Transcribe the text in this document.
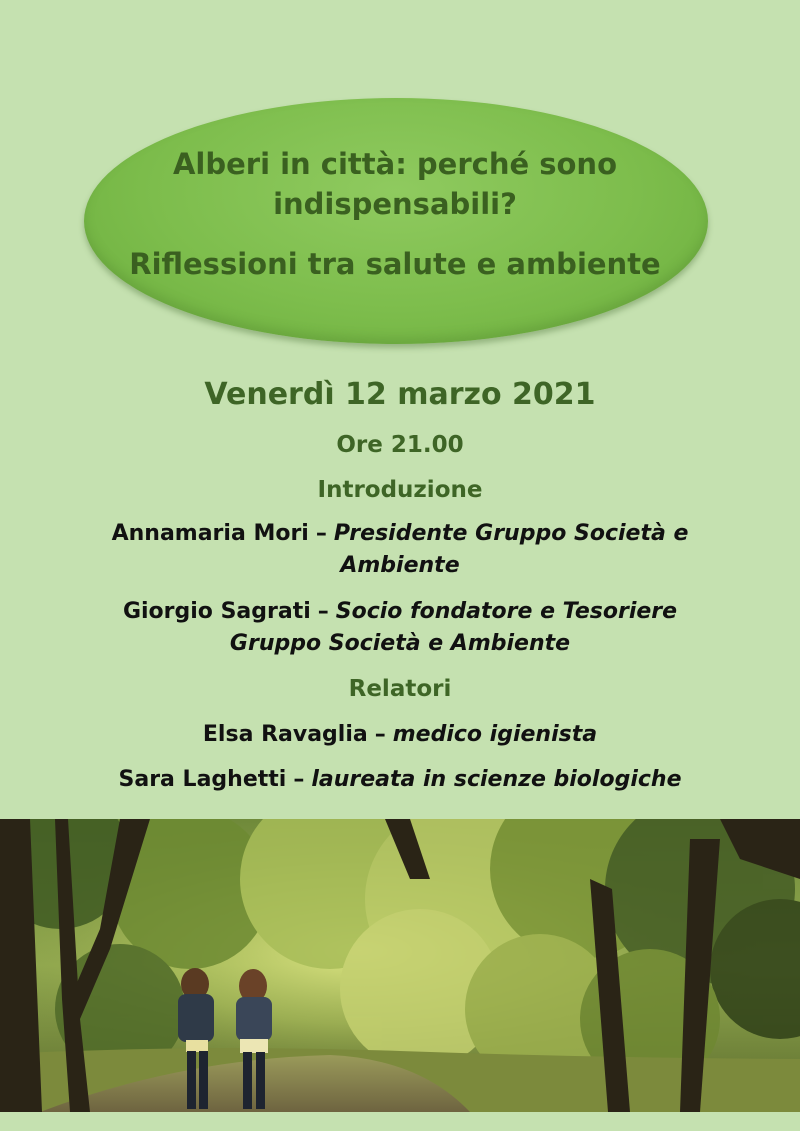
Alberi in città: perché sono indispensabili?
Riflessioni tra salute e ambiente
Venerdì 12 marzo 2021
Ore 21.00
Introduzione
Annamaria Mori – Presidente Gruppo Società e Ambiente
Giorgio Sagrati – Socio fondatore e Tesoriere Gruppo Società e Ambiente
Relatori
Elsa Ravaglia – medico igienista
Sara Laghetti – laureata in scienze biologiche
